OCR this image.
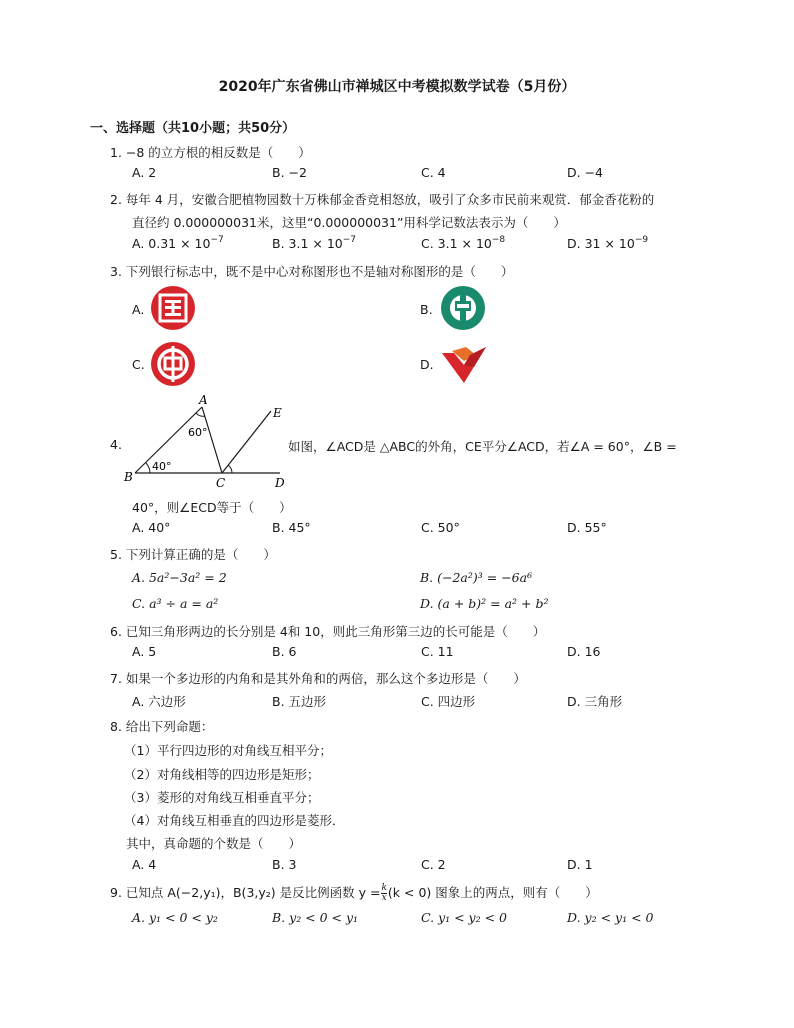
2020年广东省佛山市禅城区中考模拟数学试卷（5月份）
一、选择题（共10小题；共50分）
1. −8 的立方根的相反数是（　　）
A. 2	B. −2	C. 4	D. −4
2. 每年 4 月，安徽合肥植物园数十万株郁金香竞相怒放，吸引了众多市民前来观赏．郁金香花粉的
直径约 0.000000031米，这里“0.000000031”用科学记数法表示为（　　）
A. $0.31 \times 10^{-7}$	B. $3.1 \times 10^{-7}$	C. $3.1 \times 10^{-8}$	D. $31 \times 10^{-9}$
3. 下列银行标志中，既不是中心对称图形也不是轴对称图形的是（　　）
A.	B.
C.	D.
A
B	C	D
E
60°
40°
4.	如图，∠ACD是 △ABC的外角，CE平分∠ACD，若∠A = 60°，∠B =
40°，则∠ECD等于（　　）
A. 40°	B. 45°	C. 50°	D. 55°
5. 下列计算正确的是（　　）
A. 5a²−3a² = 2	B. (−2a²)³ = −6a⁶
C. a³ ÷ a = a²	D. (a + b)² = a² + b²
6. 已知三角形两边的长分别是 4和 10，则此三角形第三边的长可能是（　　）
A. 5	B. 6	C. 11	D. 16
7. 如果一个多边形的内角和是其外角和的两倍，那么这个多边形是（　　）
A. 六边形	B. 五边形	C. 四边形	D. 三角形
8. 给出下列命题：
（1）平行四边形的对角线互相平分；
（2）对角线相等的四边形是矩形；
（3）菱形的对角线互相垂直平分；
（4）对角线互相垂直的四边形是菱形．
其中，真命题的个数是（　　）
A. 4	B. 3	C. 2	D. 1
9. 已知点 A(−2,y₁)，B(3,y₂) 是反比例函数 $y = \frac{k}{x} (k < 0)$ 图象上的两点，则有（　　）
A. y₁ < 0 < y₂	B. y₂ < 0 < y₁	C. y₁ < y₂ < 0	D. y₂ < y₁ < 0
